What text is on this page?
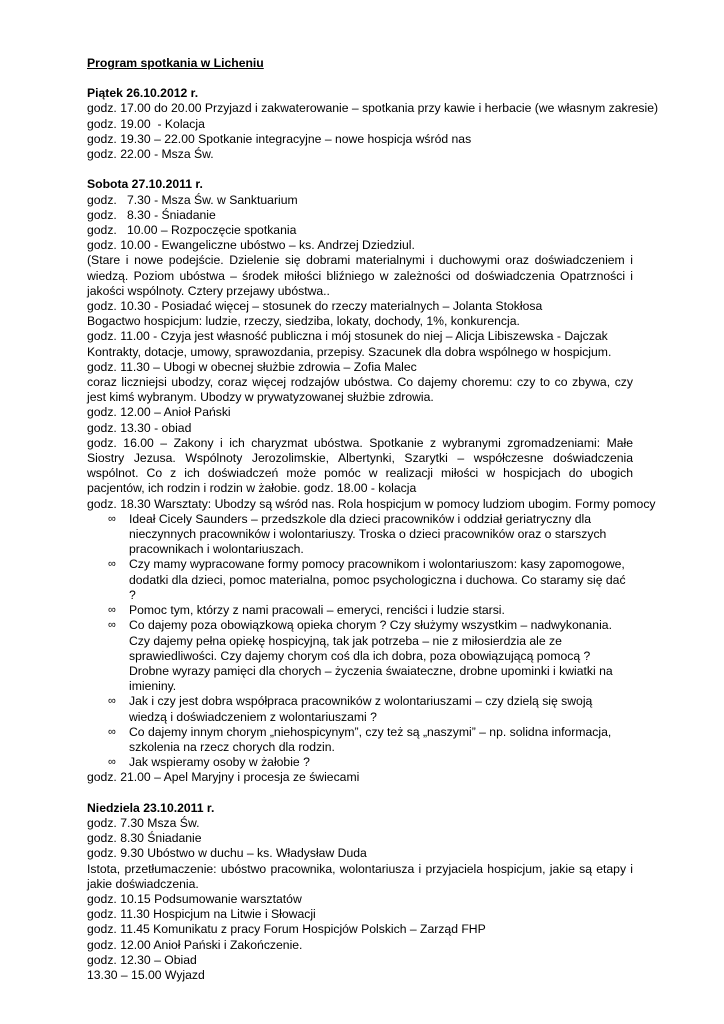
Program spotkania w Licheniu

Piątek 26.10.2012 r.

godz. 17.00 do 20.00 Przyjazd i zakwaterowanie – spotkania przy kawie i herbacie (we własnym zakresie)

godz. 19.00  - Kolacja

godz. 19.30 – 22.00 Spotkanie integracyjne – nowe hospicja wśród nas

godz. 22.00 - Msza Św.

Sobota 27.10.2011 r.

godz.   7.30 - Msza Św. w Sanktuarium

godz.   8.30 - Śniadanie

godz.   10.00 – Rozpoczęcie spotkania

godz. 10.00 - Ewangeliczne ubóstwo – ks. Andrzej Dziedziul.

(Stare i nowe podejście. Dzielenie się dobrami materialnymi i duchowymi oraz doświadczeniem i wiedzą. Poziom ubóstwa – środek miłości bliźniego w zależności od doświadczenia Opatrzności i jakości wspólnoty. Cztery przejawy ubóstwa..

godz. 10.30 - Posiadać więcej – stosunek do rzeczy materialnych – Jolanta Stokłosa

Bogactwo hospicjum: ludzie, rzeczy, siedziba, lokaty, dochody, 1%, konkurencja.

godz. 11.00 - Czyja jest własność publiczna i mój stosunek do niej – Alicja Libiszewska - Dajczak

Kontrakty, dotacje, umowy, sprawozdania, przepisy. Szacunek dla dobra wspólnego w hospicjum.

godz. 11.30 – Ubogi w obecnej służbie zdrowia – Zofia Malec

coraz liczniejsi ubodzy, coraz więcej rodzajów ubóstwa. Co dajemy choremu: czy to co zbywa, czy jest kimś wybranym. Ubodzy w prywatyzowanej służbie zdrowia.

godz. 12.00 – Anioł Pański

godz. 13.30 - obiad

godz. 16.00 – Zakony i ich charyzmat ubóstwa. Spotkanie z wybranymi zgromadzeniami: Małe Siostry Jezusa. Wspólnoty Jerozolimskie, Albertynki, Szarytki – współczesne doświadczenia wspólnot. Co z ich doświadczeń może pomóc w realizacji miłości w hospicjach do ubogich pacjentów, ich rodzin i rodzin w żałobie. godz. 18.00 - kolacja

godz. 18.30 Warsztaty: Ubodzy są wśród nas. Rola hospicjum w pomocy ludziom ubogim. Formy pomocy

∞ Ideał Cicely Saunders – przedszkole dla dzieci pracowników i oddział geriatryczny dla nieczynnych pracowników i wolontariuszy. Troska o dzieci pracowników oraz o starszych pracownikach i wolontariuszach.
∞ Czy mamy wypracowane formy pomocy pracownikom i wolontariuszom: kasy zapomogowe, dodatki dla dzieci, pomoc materialna, pomoc psychologiczna i duchowa. Co staramy się dać ?
∞ Pomoc tym, którzy z nami pracowali – emeryci, renciści i ludzie starsi.
∞ Co dajemy poza obowiązkową opieka chorym ? Czy służymy wszystkim – nadwykonania. Czy dajemy pełna opiekę hospicyjną, tak jak potrzeba – nie z miłosierdzia ale ze sprawiedliwości. Czy dajemy chorym coś dla ich dobra, poza obowiązującą pomocą ? Drobne wyrazy pamięci dla chorych – życzenia śwaiateczne, drobne upominki i kwiatki na imieniny.
∞ Jak i czy jest dobra współpraca pracowników z wolontariuszami – czy dzielą się swoją wiedzą i doświadczeniem z wolontariuszami ?
∞ Co dajemy innym chorym „niehospicynym”, czy też są „naszymi” – np. solidna informacja, szkolenia na rzecz chorych dla rodzin.
∞ Jak wspieramy osoby w żałobie ?

godz. 21.00 – Apel Maryjny i procesja ze świecami

Niedziela 23.10.2011 r.

godz. 7.30 Msza Św.

godz. 8.30 Śniadanie

godz. 9.30 Ubóstwo w duchu – ks. Władysław Duda

Istota, przetłumaczenie: ubóstwo pracownika, wolontariusza i przyjaciela hospicjum, jakie są etapy i jakie doświadczenia.

godz. 10.15 Podsumowanie warsztatów

godz. 11.30 Hospicjum na Litwie i Słowacji

godz. 11.45 Komunikatu z pracy Forum Hospicjów Polskich – Zarząd FHP

godz. 12.00 Anioł Pański i Zakończenie.

godz. 12.30 – Obiad

13.30 – 15.00 Wyjazd
